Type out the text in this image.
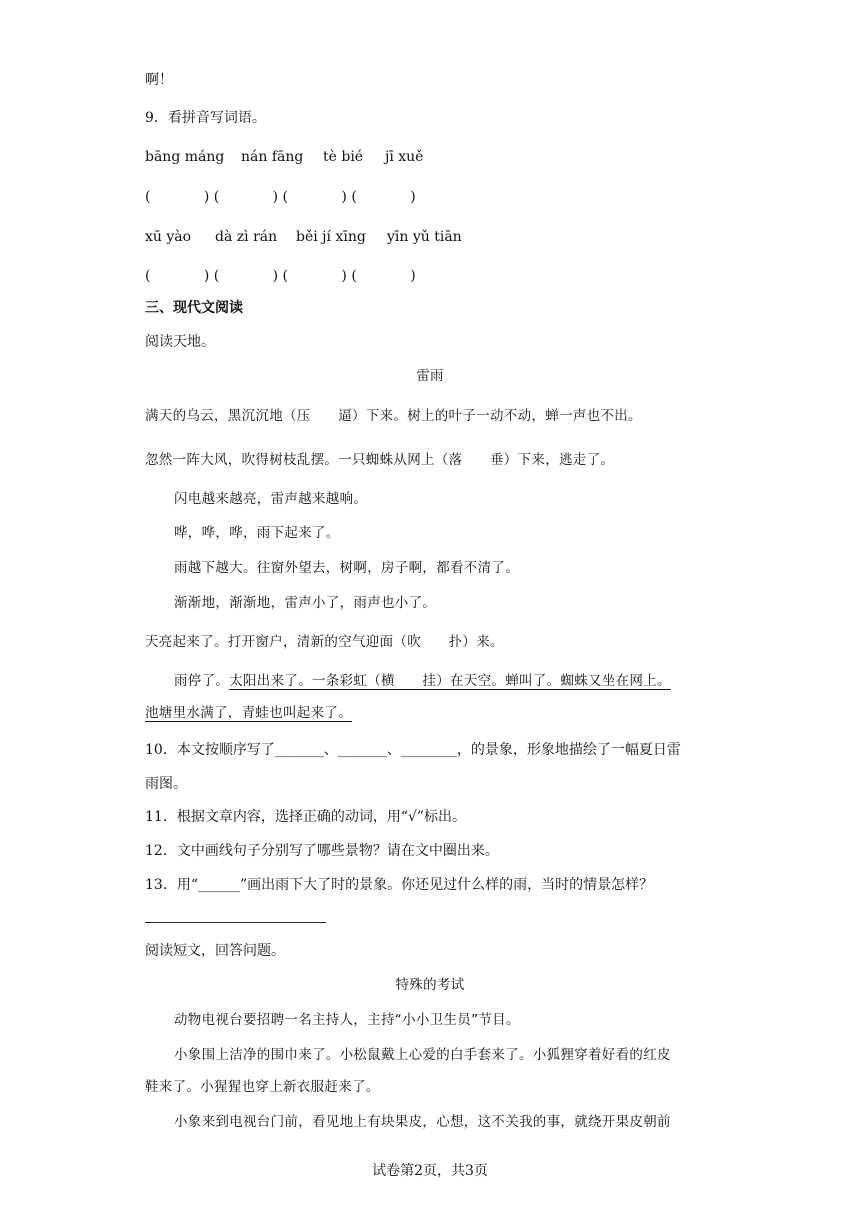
啊！
9．看拼音写词语。
bāng máng nán fāng tè bié jī xuě
(            ) (            ) (            ) (            )
xū yào dà zì rán běi jí xīng yīn yǔ tiān
(            ) (            ) (            ) (            )
三、现代文阅读
阅读天地。
雷雨
满天的乌云，黑沉沉地（压　　逼）下来。树上的叶子一动不动，蝉一声也不出。
忽然一阵大风，吹得树枝乱摆。一只蜘蛛从网上（落　　垂）下来，逃走了。
闪电越来越亮，雷声越来越响。
哗，哗，哗，雨下起来了。
雨越下越大。往窗外望去，树啊，房子啊，都看不清了。
渐渐地，渐渐地，雷声小了，雨声也小了。
天亮起来了。打开窗户，清新的空气迎面（吹　　扑）来。
雨停了。太阳出来了。一条彩虹（横　　挂）在天空。蝉叫了。蜘蛛又坐在网上。
池塘里水满了，青蛙也叫起来了。
10．本文按顺序写了_______、_______、________，的景象，形象地描绘了一幅夏日雷
雨图。
11．根据文章内容，选择正确的动词，用“√”标出。
12．文中画线句子分别写了哪些景物？请在文中圈出来。
13．用“______”画出雨下大了时的景象。你还见过什么样的雨，当时的情景怎样？
阅读短文，回答问题。
特殊的考试
动物电视台要招聘一名主持人，主持“小小卫生员”节目。
小象围上洁净的围巾来了。小松鼠戴上心爱的白手套来了。小狐狸穿着好看的红皮
鞋来了。小猩猩也穿上新衣服赶来了。
小象来到电视台门前，看见地上有块果皮，心想，这不关我的事，就绕开果皮朝前
试卷第2页，共3页
